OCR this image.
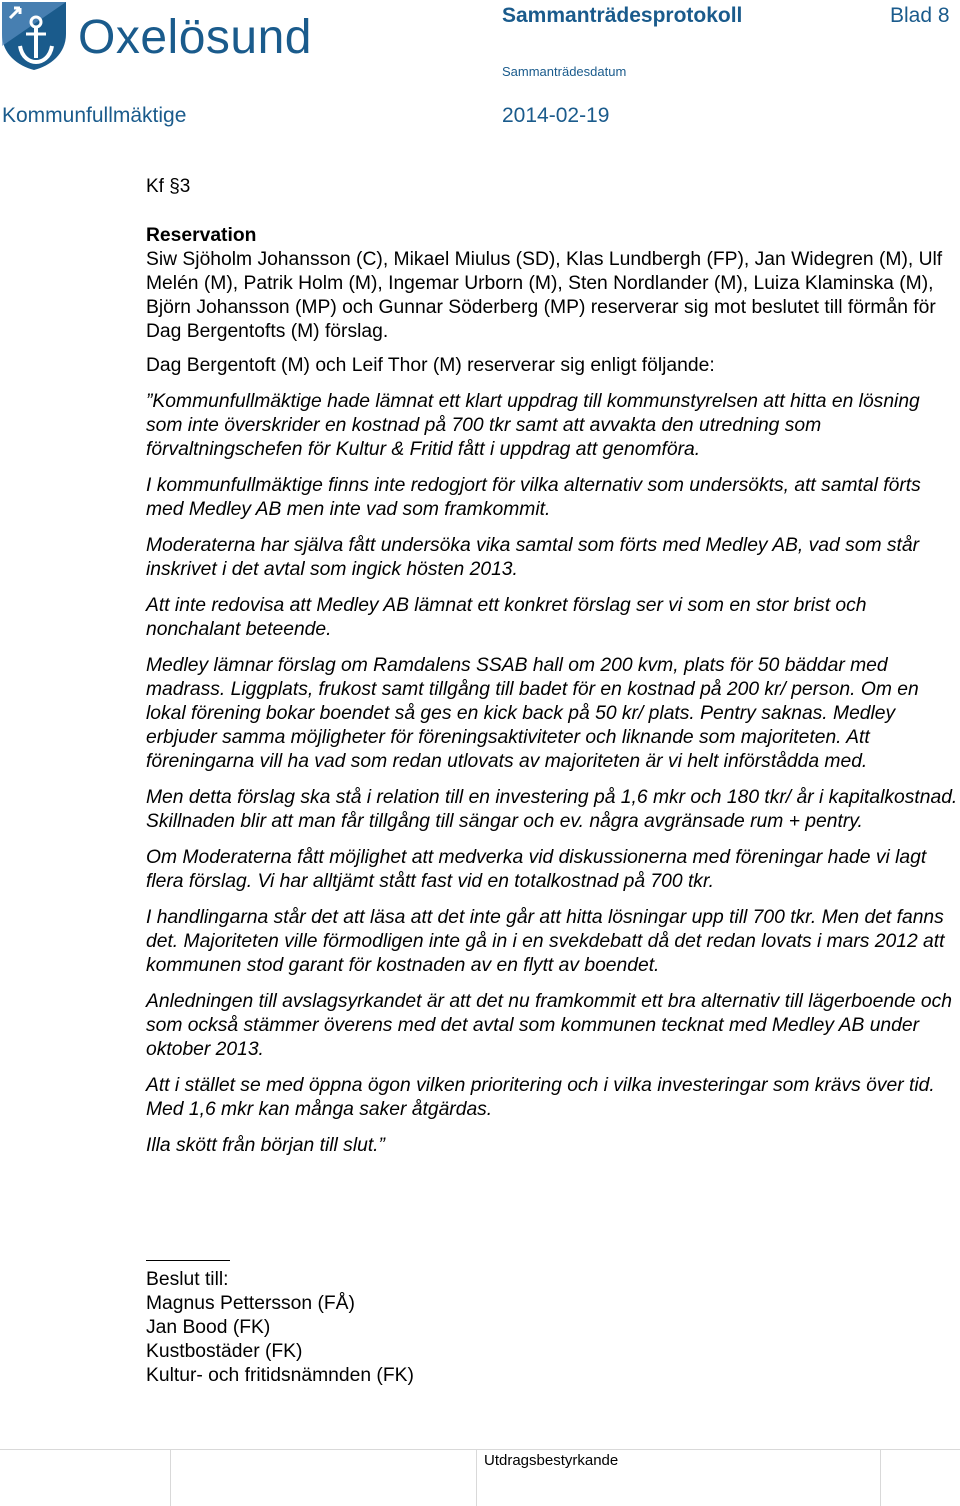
Oxelösund	Sammanträdesprotokoll	Blad 8
Sammanträdesdatum
Kommunfullmäktige	2014-02-19
Kf §3

Reservation

Siw Sjöholm Johansson (C), Mikael Miulus (SD), Klas Lundbergh (FP), Jan Widegren (M), Ulf Melén (M), Patrik Holm (M), Ingemar Urborn (M), Sten Nordlander (M), Luiza Klaminska (M), Björn Johansson (MP) och Gunnar Söderberg (MP) reserverar sig mot beslutet till förmån för Dag Bergentofts (M) förslag.

Dag Bergentoft (M) och Leif Thor (M) reserverar sig enligt följande:

”Kommunfullmäktige hade lämnat ett klart uppdrag till kommunstyrelsen att hitta en lösning som inte överskrider en kostnad på 700 tkr samt att avvakta den utredning som förvaltningschefen för Kultur & Fritid fått i uppdrag att genomföra.

I kommunfullmäktige finns inte redogjort för vilka alternativ som undersökts, att samtal förts med Medley AB men inte vad som framkommit.

Moderaterna har själva fått undersöka vika samtal som förts med Medley AB, vad som står inskrivet i det avtal som ingick hösten 2013.

Att inte redovisa att Medley AB lämnat ett konkret förslag ser vi som en stor brist och nonchalant beteende.

Medley lämnar förslag om Ramdalens SSAB hall om 200 kvm, plats för 50 bäddar med madrass. Liggplats, frukost samt tillgång till badet för en kostnad på 200 kr/ person. Om en lokal förening bokar boendet så ges en kick back på 50 kr/ plats. Pentry saknas. Medley erbjuder samma möjligheter för föreningsaktiviteter och liknande som majoriteten. Att föreningarna vill ha vad som redan utlovats av majoriteten är vi helt införstådda med.

Men detta förslag ska stå i relation till en investering på 1,6 mkr och 180 tkr/ år i kapitalkostnad. Skillnaden blir att man får tillgång till sängar och ev. några avgränsade rum + pentry.

Om Moderaterna fått möjlighet att medverka vid diskussionerna med föreningar hade vi lagt flera förslag. Vi har alltjämt stått fast vid en totalkostnad på 700 tkr.

I handlingarna står det att läsa att det inte går att hitta lösningar upp till 700 tkr. Men det fanns det. Majoriteten ville förmodligen inte gå in i en svekdebatt då det redan lovats i mars 2012 att kommunen stod garant för kostnaden av en flytt av boendet.

Anledningen till avslagsyrkandet är att det nu framkommit ett bra alternativ till lägerboende och som också stämmer överens med det avtal som kommunen tecknat med Medley AB under oktober 2013.

Att i stället se med öppna ögon vilken prioritering och i vilka investeringar som krävs över tid. Med 1,6 mkr kan många saker åtgärdas.

Illa skött från början till slut.”

Beslut till:
Magnus Pettersson (FÅ)
Jan Bood (FK)
Kustbostäder (FK)
Kultur- och fritidsnämnden (FK)
Utdragsbestyrkande
